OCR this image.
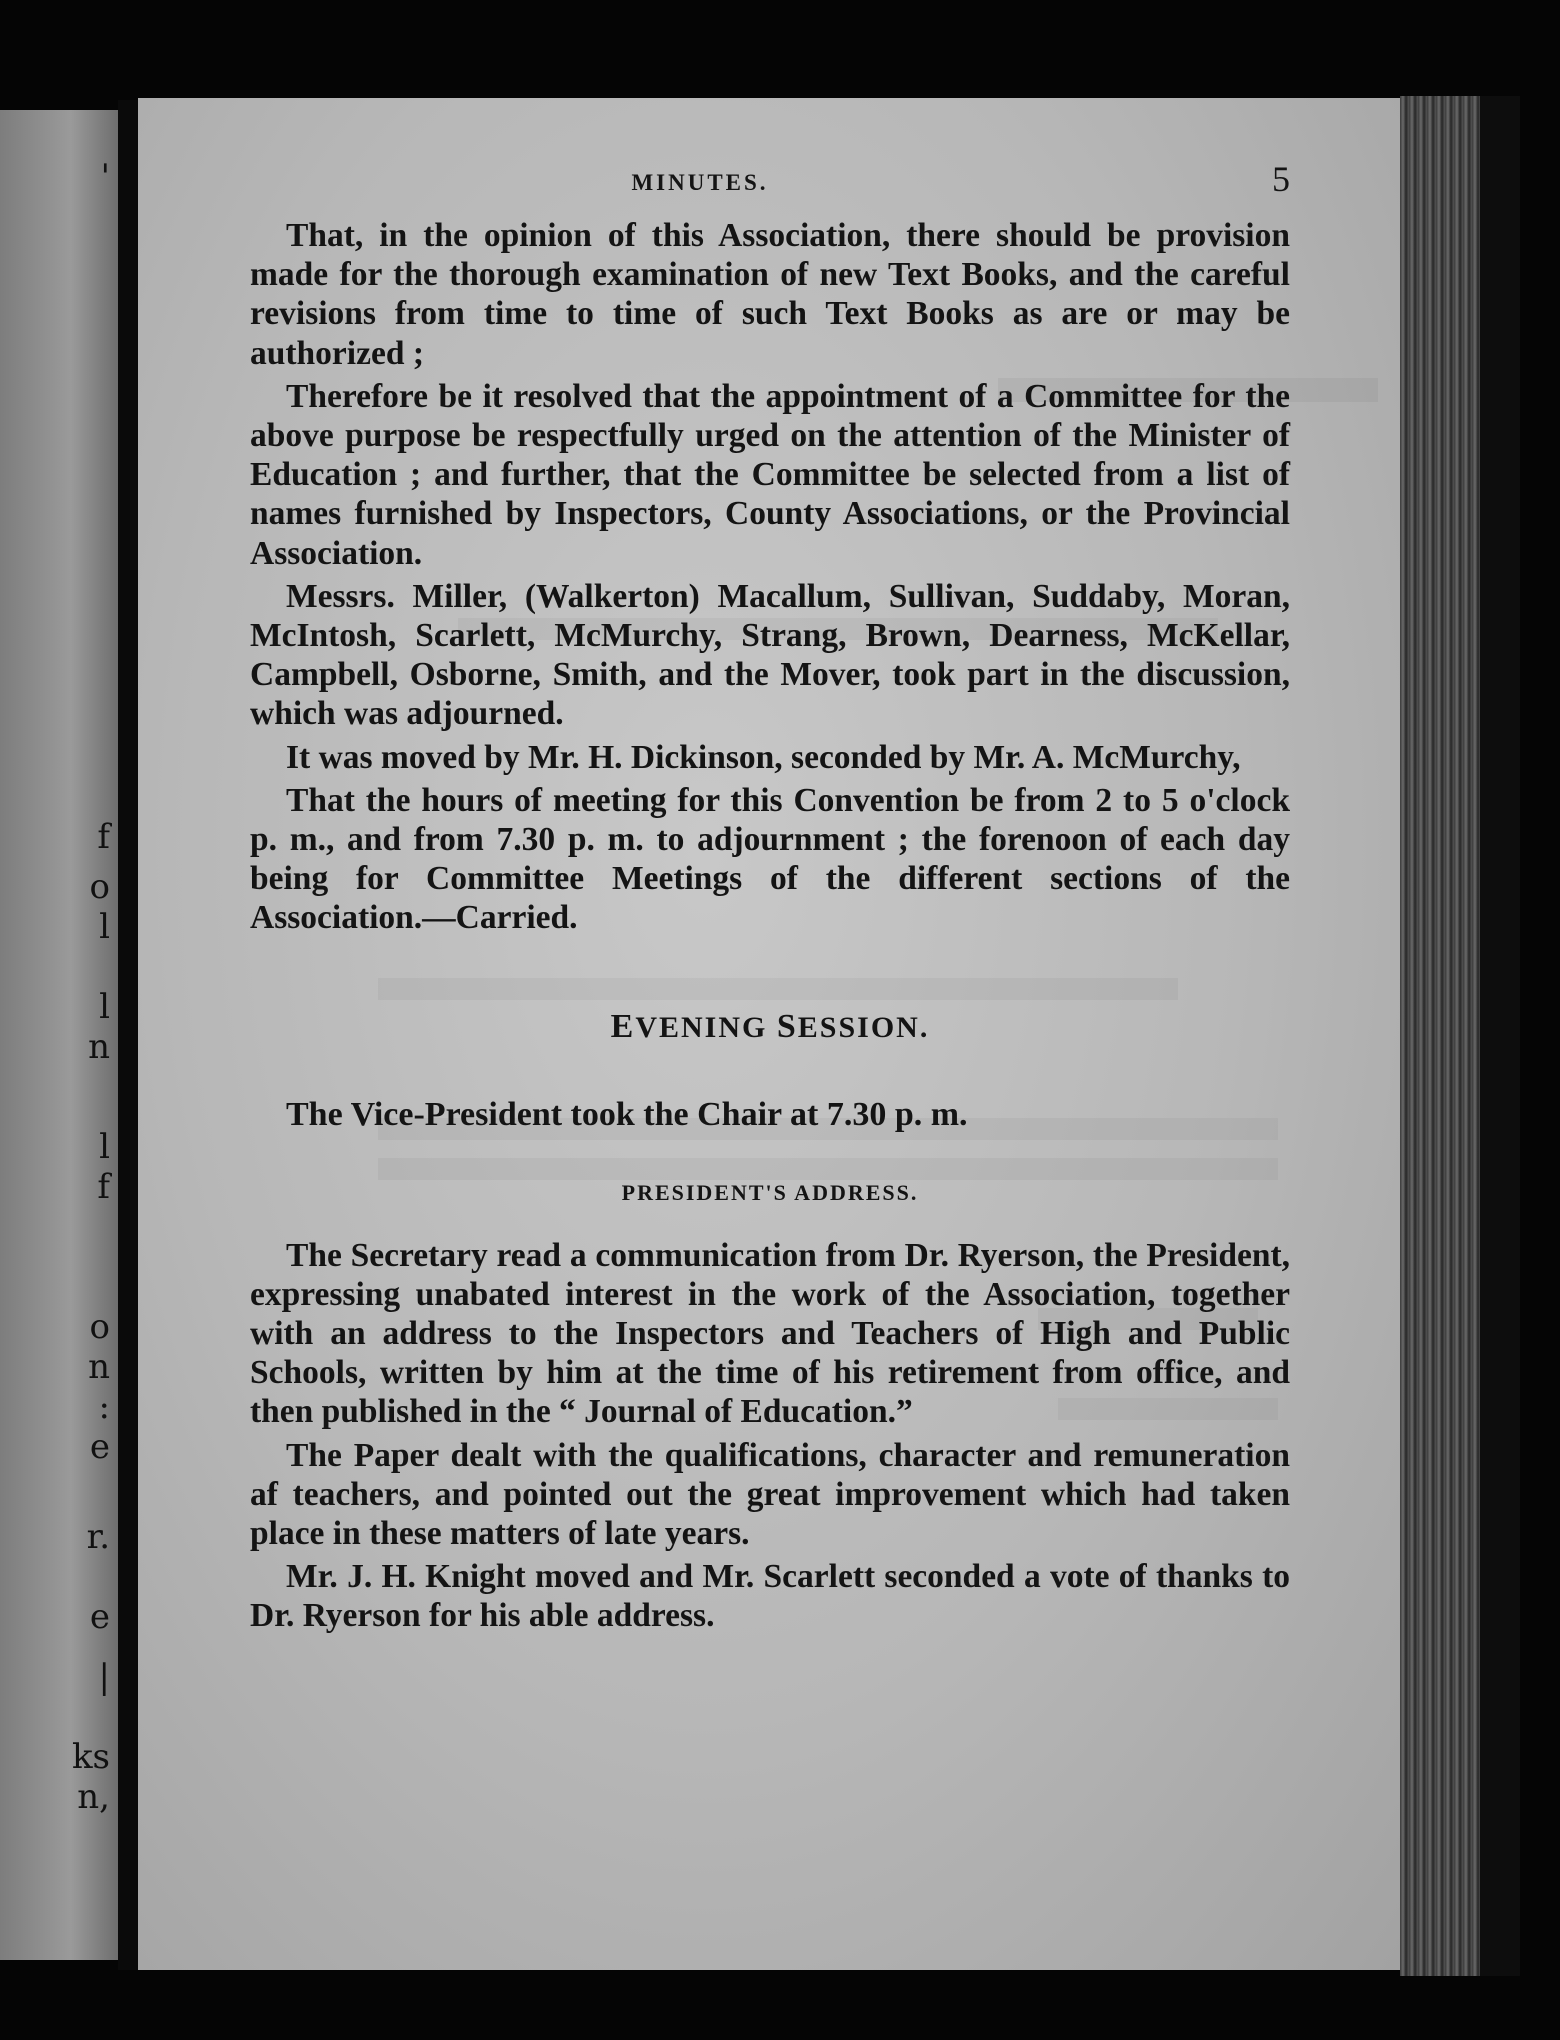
'
f
o
l
l
n
l
f
o
n
:
e
r.
e
|
ks
n,
MINUTES.	5

That, in the opinion of this Association, there should be provision made for the thorough examination of new Text Books, and the careful revisions from time to time of such Text Books as are or may be authorized ;

Therefore be it resolved that the appointment of a Committee for the above purpose be respectfully urged on the attention of the Minister of Education ; and further, that the Committee be selected from a list of names furnished by Inspectors, County Associations, or the Provincial Association.

Messrs. Miller, (Walkerton) Macallum, Sullivan, Suddaby, Moran, McIntosh, Scarlett, McMurchy, Strang, Brown, Dearness, McKellar, Campbell, Osborne, Smith, and the Mover, took part in the discussion, which was adjourned.

It was moved by Mr. H. Dickinson, seconded by Mr. A. McMurchy,

That the hours of meeting for this Convention be from 2 to 5 o'clock p. m., and from 7.30 p. m. to adjournment ; the forenoon of each day being for Committee Meetings of the different sections of the Association.—Carried.

EVENING SESSION.
The Vice-President took the Chair at 7.30 p. m.
PRESIDENT'S ADDRESS.

The Secretary read a communication from Dr. Ryerson, the President, expressing unabated interest in the work of the Association, together with an address to the Inspectors and Teachers of High and Public Schools, written by him at the time of his retirement from office, and then published in the “ Journal of Education.”

The Paper dealt with the qualifications, character and remuneration af teachers, and pointed out the great improvement which had taken place in these matters of late years.

Mr. J. H. Knight moved and Mr. Scarlett seconded a vote of thanks to Dr. Ryerson for his able address.
